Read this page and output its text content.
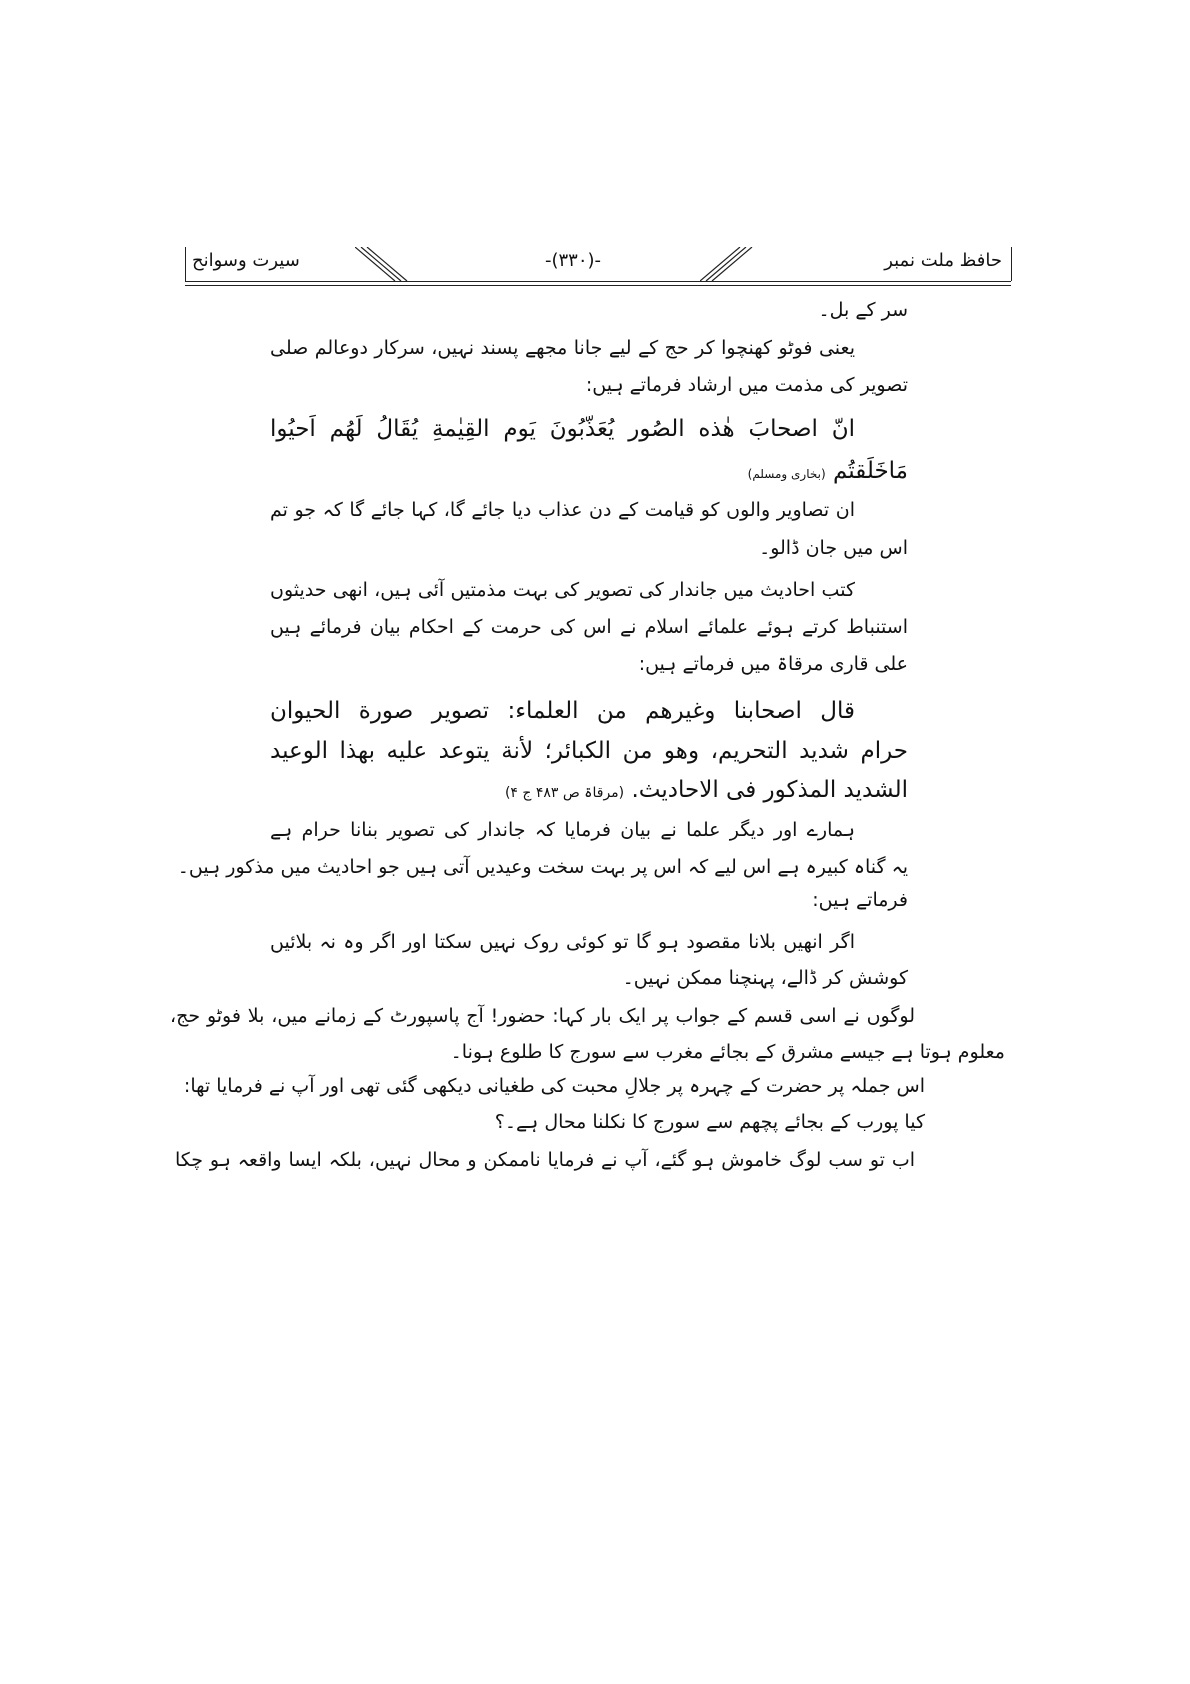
حافظ ملت نمبر
-(۳۳۰)-
سیرت وسوانح
سر کے بل۔
یعنی فوٹو کھنچوا کر حج کے لیے جانا مجھے پسند نہیں، سرکار دوعالم صلی
تصویر کی مذمت میں ارشاد فرماتے ہیں:
انّ اصحابَ هٰذه الصُور يُعَذّبُونَ يَوم القِيٰمةِ يُقَالُ لَهُم اَحيُوا
مَاخَلَقتُم (بخاری ومسلم)
ان تصاویر والوں کو قیامت کے دن عذاب دیا جائے گا، کہا جائے گا کہ جو تم
اس میں جان ڈالو۔
کتب احادیث میں جاندار کی تصویر کی بہت مذمتیں آئی ہیں، انھی حدیثوں
استنباط کرتے ہوئے علمائے اسلام نے اس کی حرمت کے احکام بیان فرمائے ہیں
علی قاری مرقاۃ میں فرماتے ہیں:
قال اصحابنا وغيرهم من العلماء: تصوير صورة الحيوان
حرام شديد التحريم، وهو من الكبائر؛ لأنة يتوعد عليه بهذا الوعيد
الشديد المذكور فى الاحاديث. (مرقاۃ ص ۴۸۳ ج ۴)
ہمارے اور دیگر علما نے بیان فرمایا کہ جاندار کی تصویر بنانا حرام ہے
یہ گناہ کبیرہ ہے اس لیے کہ اس پر بہت سخت وعیدیں آتی ہیں جو احادیث میں مذکور ہیں۔
فرماتے ہیں:
اگر انھیں بلانا مقصود ہو گا تو کوئی روک نہیں سکتا اور اگر وہ نہ بلائیں
کوشش کر ڈالے، پہنچنا ممکن نہیں۔
لوگوں نے اسی قسم کے جواب پر ایک بار کہا: حضور! آج پاسپورٹ کے زمانے میں، بلا فوٹو حج،
معلوم ہوتا ہے جیسے مشرق کے بجائے مغرب سے سورج کا طلوع ہونا۔
اس جملہ پر حضرت کے چہرہ پر جلالِ محبت کی طغیانی دیکھی گئی تھی اور آپ نے فرمایا تھا:
کیا پورب کے بجائے پچھم سے سورج کا نکلنا محال ہے۔؟
اب تو سب لوگ خاموش ہو گئے، آپ نے فرمایا ناممکن و محال نہیں، بلکہ ایسا واقعہ ہو چکا
